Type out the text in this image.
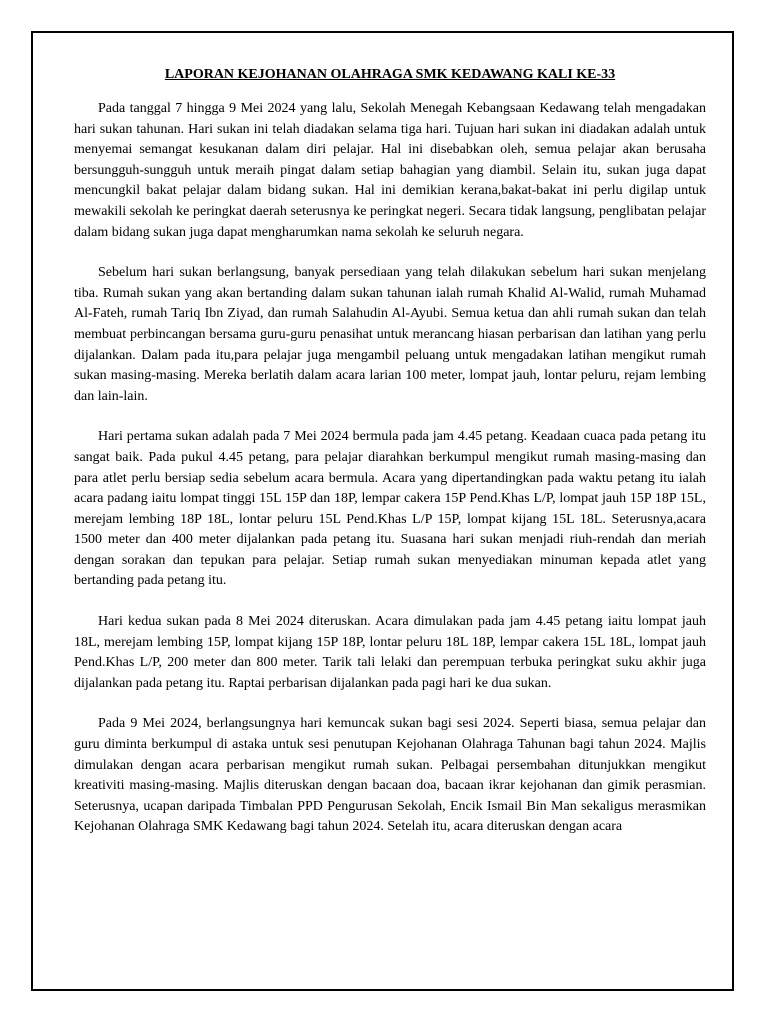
LAPORAN KEJOHANAN OLAHRAGA SMK KEDAWANG KALI KE-33

Pada tanggal 7 hingga 9 Mei 2024 yang lalu, Sekolah Menegah Kebangsaan Kedawang telah mengadakan hari sukan tahunan. Hari sukan ini telah diadakan selama tiga hari. Tujuan hari sukan ini diadakan adalah untuk menyemai semangat kesukanan dalam diri pelajar. Hal ini disebabkan oleh, semua pelajar akan berusaha bersungguh-sungguh untuk meraih pingat dalam setiap bahagian yang diambil. Selain itu, sukan juga dapat mencungkil bakat pelajar dalam bidang sukan. Hal ini demikian kerana,bakat-bakat ini perlu digilap untuk mewakili sekolah ke peringkat daerah seterusnya ke peringkat negeri. Secara tidak langsung, penglibatan pelajar dalam bidang sukan juga dapat mengharumkan nama sekolah ke seluruh negara.

Sebelum hari sukan berlangsung, banyak persediaan yang telah dilakukan sebelum hari sukan menjelang tiba. Rumah sukan yang akan bertanding dalam sukan tahunan ialah rumah Khalid Al-Walid, rumah Muhamad Al-Fateh, rumah Tariq Ibn Ziyad, dan rumah Salahudin Al-Ayubi. Semua ketua dan ahli rumah sukan dan telah membuat perbincangan bersama guru-guru penasihat untuk merancang hiasan perbarisan dan latihan yang perlu dijalankan. Dalam pada itu,para pelajar juga mengambil peluang untuk mengadakan latihan mengikut rumah sukan masing-masing. Mereka berlatih dalam acara larian 100 meter, lompat jauh, lontar peluru, rejam lembing dan lain-lain.

Hari pertama sukan adalah pada 7 Mei 2024 bermula pada jam 4.45 petang. Keadaan cuaca pada petang itu sangat baik. Pada pukul 4.45 petang, para pelajar diarahkan berkumpul mengikut rumah masing-masing dan para atlet perlu bersiap sedia sebelum acara bermula. Acara yang dipertandingkan pada waktu petang itu ialah acara padang iaitu lompat tinggi 15L 15P dan 18P, lempar cakera 15P Pend.Khas L/P, lompat jauh 15P 18P 15L, merejam lembing 18P 18L, lontar peluru 15L Pend.Khas L/P 15P, lompat kijang 15L 18L. Seterusnya,acara 1500 meter dan 400 meter dijalankan pada petang itu. Suasana hari sukan menjadi riuh-rendah dan meriah dengan sorakan dan tepukan para pelajar. Setiap rumah sukan menyediakan minuman kepada atlet yang bertanding pada petang itu.

Hari kedua sukan pada 8 Mei 2024 diteruskan. Acara dimulakan pada jam 4.45 petang iaitu lompat jauh 18L, merejam lembing 15P, lompat kijang 15P 18P, lontar peluru 18L 18P, lempar cakera 15L 18L, lompat jauh Pend.Khas L/P, 200 meter dan 800 meter. Tarik tali lelaki dan perempuan terbuka peringkat suku akhir juga dijalankan pada petang itu. Raptai perbarisan dijalankan pada pagi hari ke dua sukan.

Pada 9 Mei 2024, berlangsungnya hari kemuncak sukan bagi sesi 2024. Seperti biasa, semua pelajar dan guru diminta berkumpul di astaka untuk sesi penutupan Kejohanan Olahraga Tahunan bagi tahun 2024. Majlis dimulakan dengan acara perbarisan mengikut rumah sukan. Pelbagai persembahan ditunjukkan mengikut kreativiti masing-masing. Majlis diteruskan dengan bacaan doa, bacaan ikrar kejohanan dan gimik perasmian. Seterusnya, ucapan daripada Timbalan PPD Pengurusan Sekolah, Encik Ismail Bin Man sekaligus merasmikan Kejohanan Olahraga SMK Kedawang bagi tahun 2024. Setelah itu, acara diteruskan dengan acara
